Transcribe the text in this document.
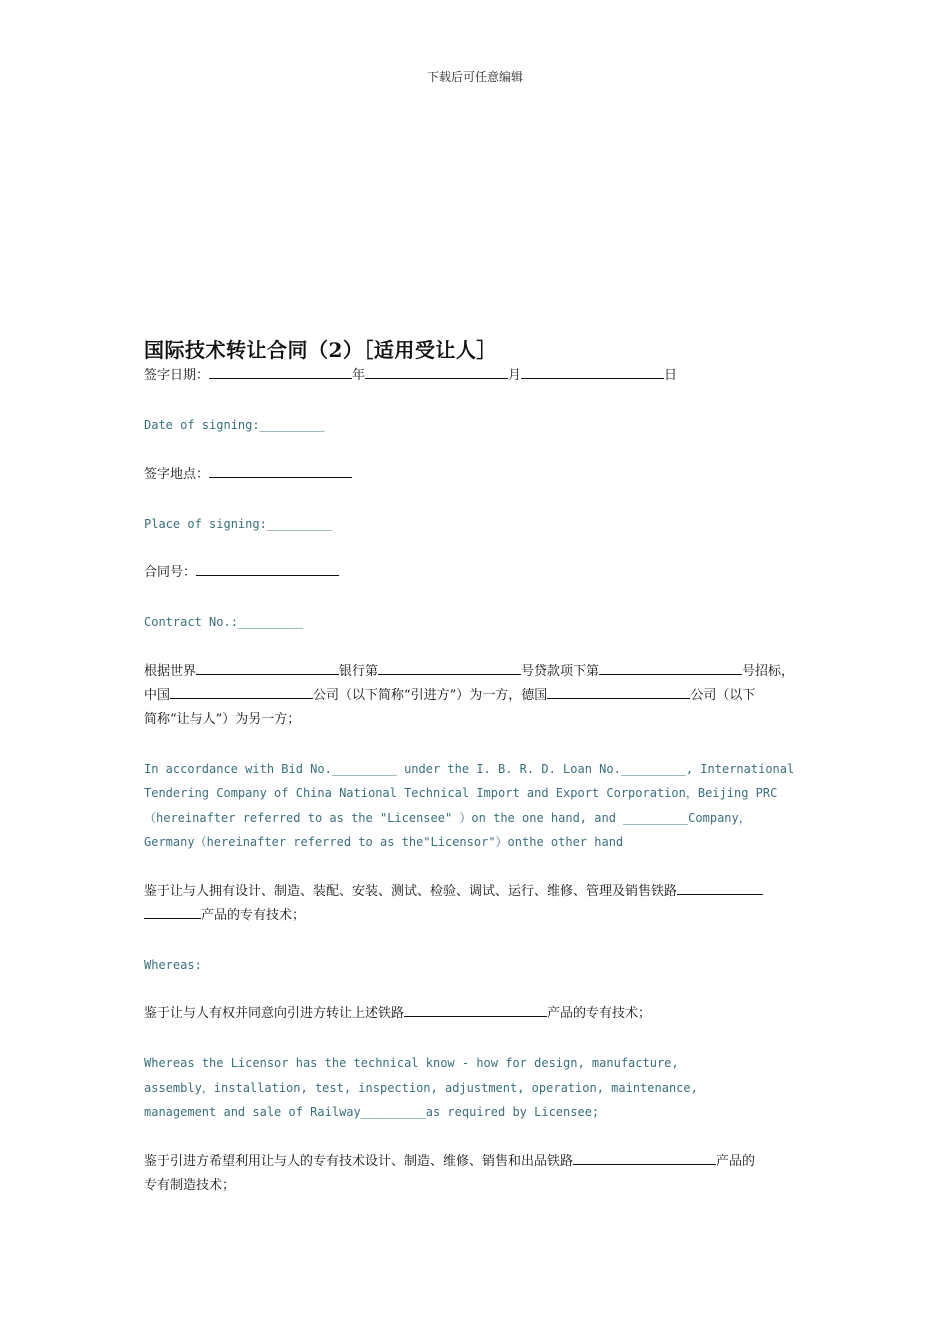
下载后可任意编辑
国际技术转让合同（2）［适用受让人］

签字日期：	年	月	日

Date of signing:_________

签字地点：

Place of signing:_________

合同号：

Contract No.:_________

根据世界	银行第	号贷款项下第	号招标，
中国	公司（以下简称“引进方”）为一方，德国	公司（以下
简称“让与人”）为另一方；

In accordance with Bid No._________ under the I. B. R. D. Loan No._________, International

Tendering Company of China National Technical Import and Export Corporation，Beijing PRC

（hereinafter referred to as the "Licensee" ）on the one hand, and _________Company，

Germany（hereinafter referred to as the"Licensor"）onthe other hand

鉴于让与人拥有设计、制造、装配、安装、测试、检验、调试、运行、维修、管理及销售铁路
产品的专有技术；

Whereas:

鉴于让与人有权并同意向引进方转让上述铁路	产品的专有技术；

Whereas the Licensor has the technical know - how for design, manufacture,

assembly，installation, test, inspection, adjustment, operation, maintenance,

management and sale of Railway_________as required by Licensee;

鉴于引进方希望利用让与人的专有技术设计、制造、维修、销售和出品铁路	产品的
专有制造技术；
